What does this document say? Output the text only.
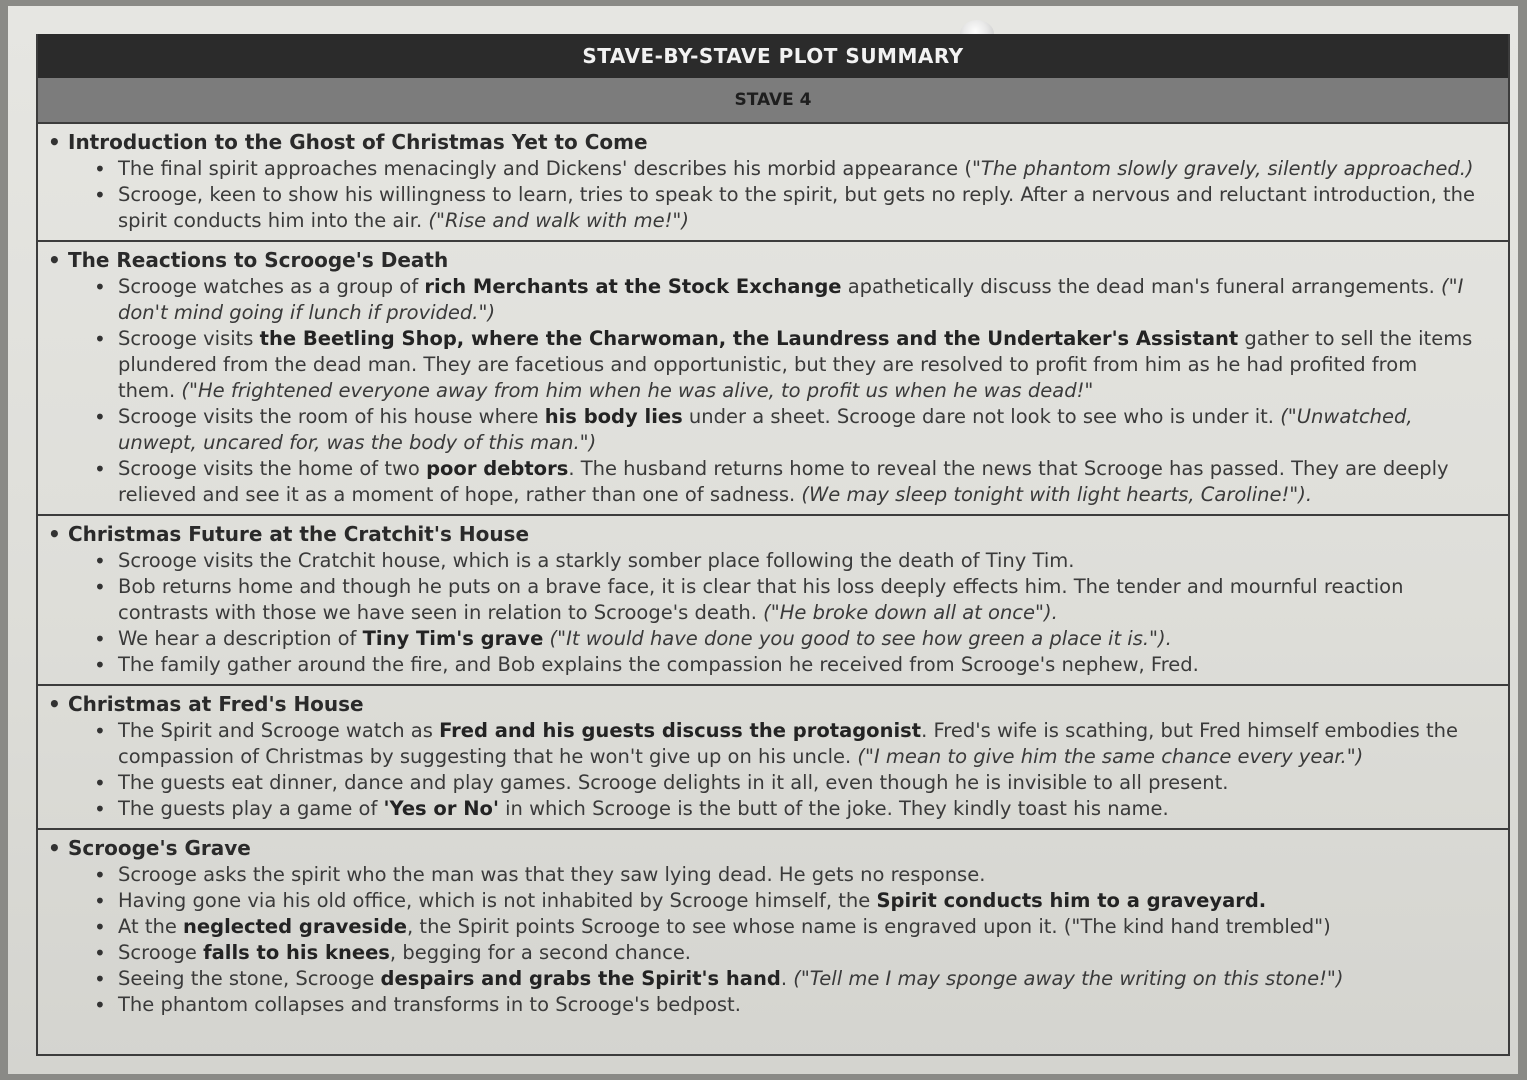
STAVE-BY-STAVE PLOT SUMMARY
STAVE 4
• Introduction to the Ghost of Christmas Yet to Come
• The final spirit approaches menacingly and Dickens' describes his morbid appearance ("The phantom slowly gravely, silently approached.)
• Scrooge, keen to show his willingness to learn, tries to speak to the spirit, but gets no reply. After a nervous and reluctant introduction, the spirit conducts him into the air. ("Rise and walk with me!")
• The Reactions to Scrooge's Death
• Scrooge watches as a group of rich Merchants at the Stock Exchange apathetically discuss the dead man's funeral arrangements. ("I don't mind going if lunch if provided.")
• Scrooge visits the Beetling Shop, where the Charwoman, the Laundress and the Undertaker's Assistant gather to sell the items plundered from the dead man. They are facetious and opportunistic, but they are resolved to profit from him as he had profited from them. ("He frightened everyone away from him when he was alive, to profit us when he was dead!"
• Scrooge visits the room of his house where his body lies under a sheet. Scrooge dare not look to see who is under it. ("Unwatched, unwept, uncared for, was the body of this man.")
• Scrooge visits the home of two poor debtors. The husband returns home to reveal the news that Scrooge has passed. They are deeply relieved and see it as a moment of hope, rather than one of sadness. (We may sleep tonight with light hearts, Caroline!").
• Christmas Future at the Cratchit's House
• Scrooge visits the Cratchit house, which is a starkly somber place following the death of Tiny Tim.
• Bob returns home and though he puts on a brave face, it is clear that his loss deeply effects him. The tender and mournful reaction contrasts with those we have seen in relation to Scrooge's death. ("He broke down all at once").
• We hear a description of Tiny Tim's grave ("It would have done you good to see how green a place it is.").
• The family gather around the fire, and Bob explains the compassion he received from Scrooge's nephew, Fred.
• Christmas at Fred's House
• The Spirit and Scrooge watch as Fred and his guests discuss the protagonist. Fred's wife is scathing, but Fred himself embodies the compassion of Christmas by suggesting that he won't give up on his uncle. ("I mean to give him the same chance every year.")
• The guests eat dinner, dance and play games. Scrooge delights in it all, even though he is invisible to all present.
• The guests play a game of 'Yes or No' in which Scrooge is the butt of the joke. They kindly toast his name.
• Scrooge's Grave
• Scrooge asks the spirit who the man was that they saw lying dead. He gets no response.
• Having gone via his old office, which is not inhabited by Scrooge himself, the Spirit conducts him to a graveyard.
• At the neglected graveside, the Spirit points Scrooge to see whose name is engraved upon it. ("The kind hand trembled")
• Scrooge falls to his knees, begging for a second chance.
• Seeing the stone, Scrooge despairs and grabs the Spirit's hand. ("Tell me I may sponge away the writing on this stone!")
• The phantom collapses and transforms in to Scrooge's bedpost.
